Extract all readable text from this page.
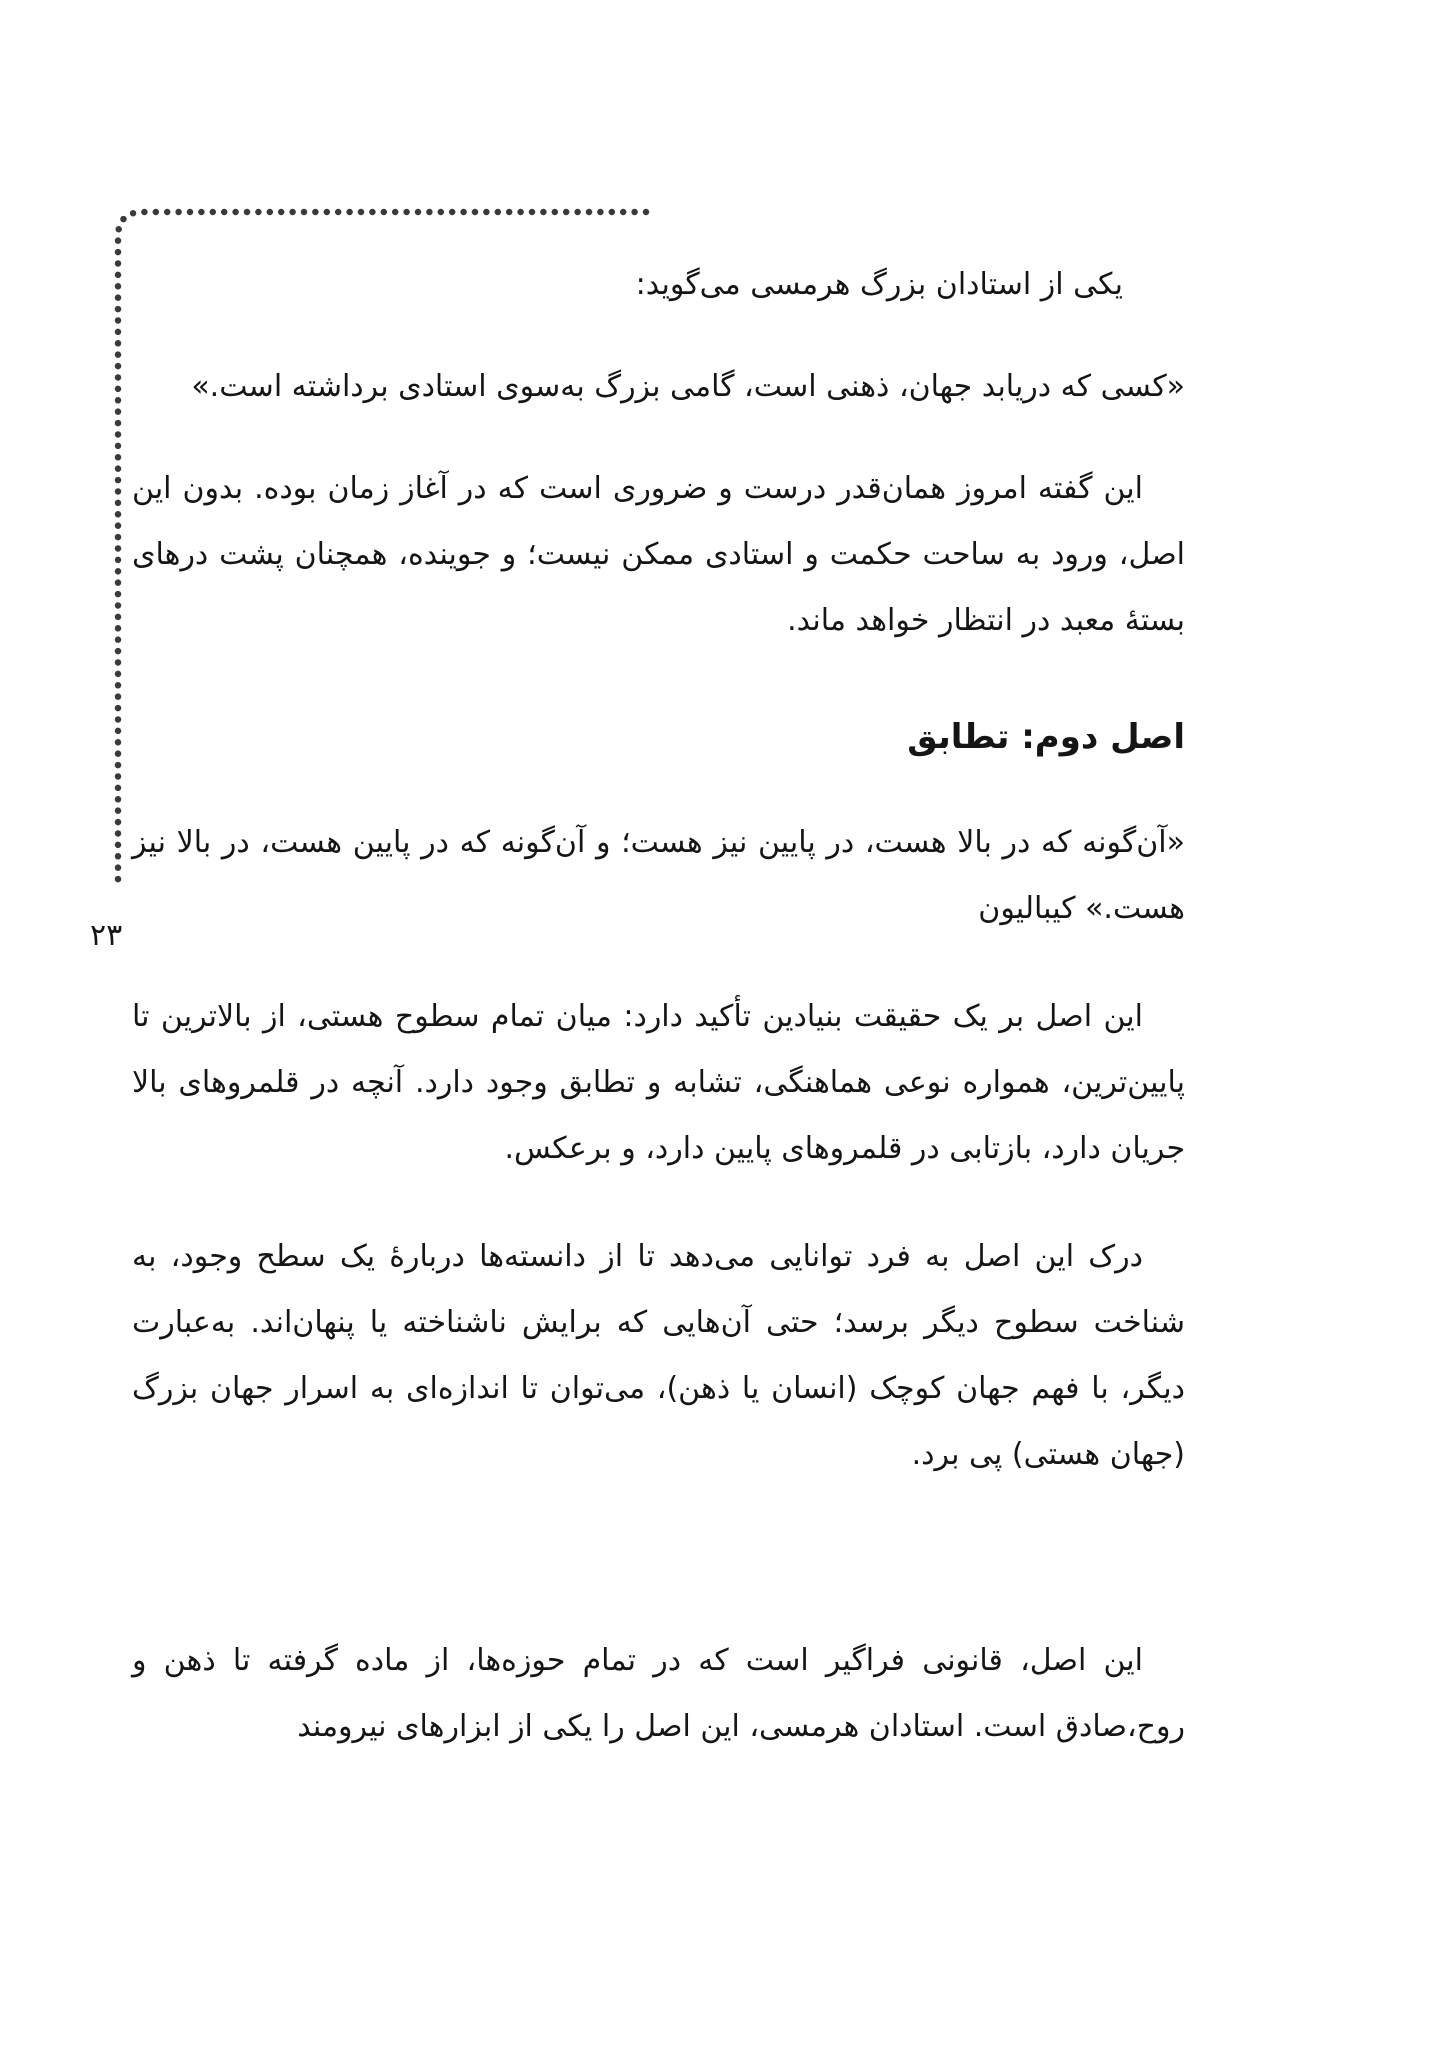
۲۳

یکی از استادان بزرگ هرمسی می‌گوید:

«کسی که دریابد جهان، ذهنی است، گامی بزرگ به‌سوی استادی برداشته است.»

این گفته امروز همان‌قدر درست و ضروری است که در آغاز زمان بوده. بدون این اصل، ورود به ساحت حکمت و استادی ممکن نیست؛ و جوینده، همچنان پشت درهای بستۀ معبد در انتظار خواهد ماند.

اصل دوم: تطابق

«آن‌گونه که در بالا هست، در پایین نیز هست؛ و آن‌گونه که در پایین هست، در بالا نیز هست.» کیبالیون

این اصل بر یک حقیقت بنیادین تأکید دارد: میان تمام سطوح هستی، از بالاترین تا پایین‌ترین، همواره نوعی هماهنگی، تشابه و تطابق وجود دارد. آنچه در قلمروهای بالا جریان دارد، بازتابی در قلمروهای پایین دارد، و برعکس.

درک این اصل به فرد توانایی می‌دهد تا از دانسته‌ها دربارۀ یک سطح وجود، به شناخت سطوح دیگر برسد؛ حتی آن‌هایی که برایش ناشناخته یا پنهان‌اند. به‌عبارت دیگر، با فهم جهان کوچک (انسان یا ذهن)، می‌توان تا اندازه‌ای به اسرار جهان بزرگ (جهان هستی) پی برد.

این اصل، قانونی فراگیر است که در تمام حوزه‌ها، از ماده گرفته تا ذهن و روح،صادق است. استادان هرمسی، این اصل را یکی از ابزارهای نیرومند
